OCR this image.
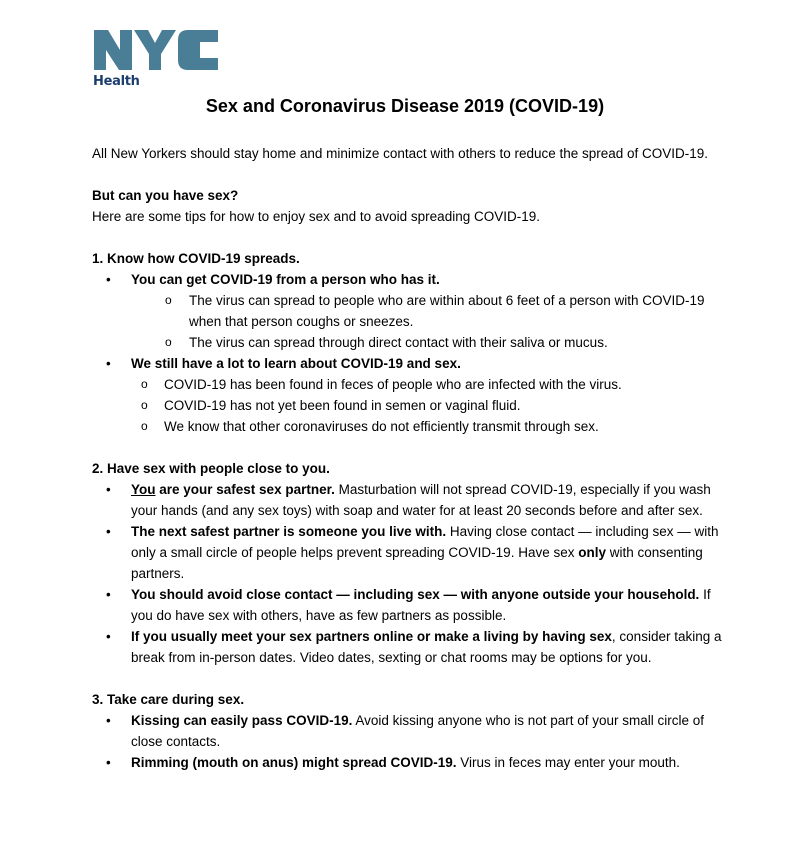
Health
Sex and Coronavirus Disease 2019 (COVID-19)

All New Yorkers should stay home and minimize contact with others to reduce the spread of COVID-19.

But can you have sex?

Here are some tips for how to enjoy sex and to avoid spreading COVID-19.

1. Know how COVID-19 spreads.

• You can get COVID-19 from a person who has it.
o The virus can spread to people who are within about 6 feet of a person with COVID-19 when that person coughs or sneezes.
o The virus can spread through direct contact with their saliva or mucus.
• We still have a lot to learn about COVID-19 and sex.
o COVID-19 has been found in feces of people who are infected with the virus.
o COVID-19 has not yet been found in semen or vaginal fluid.
o We know that other coronaviruses do not efficiently transmit through sex.

2. Have sex with people close to you.

• You are your safest sex partner. Masturbation will not spread COVID-19, especially if you wash your hands (and any sex toys) with soap and water for at least 20 seconds before and after sex.
• The next safest partner is someone you live with. Having close contact — including sex — with only a small circle of people helps prevent spreading COVID-19. Have sex only with consenting partners.
• You should avoid close contact — including sex — with anyone outside your household. If you do have sex with others, have as few partners as possible.
• If you usually meet your sex partners online or make a living by having sex, consider taking a break from in-person dates. Video dates, sexting or chat rooms may be options for you.

3. Take care during sex.

• Kissing can easily pass COVID-19. Avoid kissing anyone who is not part of your small circle of close contacts.
• Rimming (mouth on anus) might spread COVID-19. Virus in feces may enter your mouth.
